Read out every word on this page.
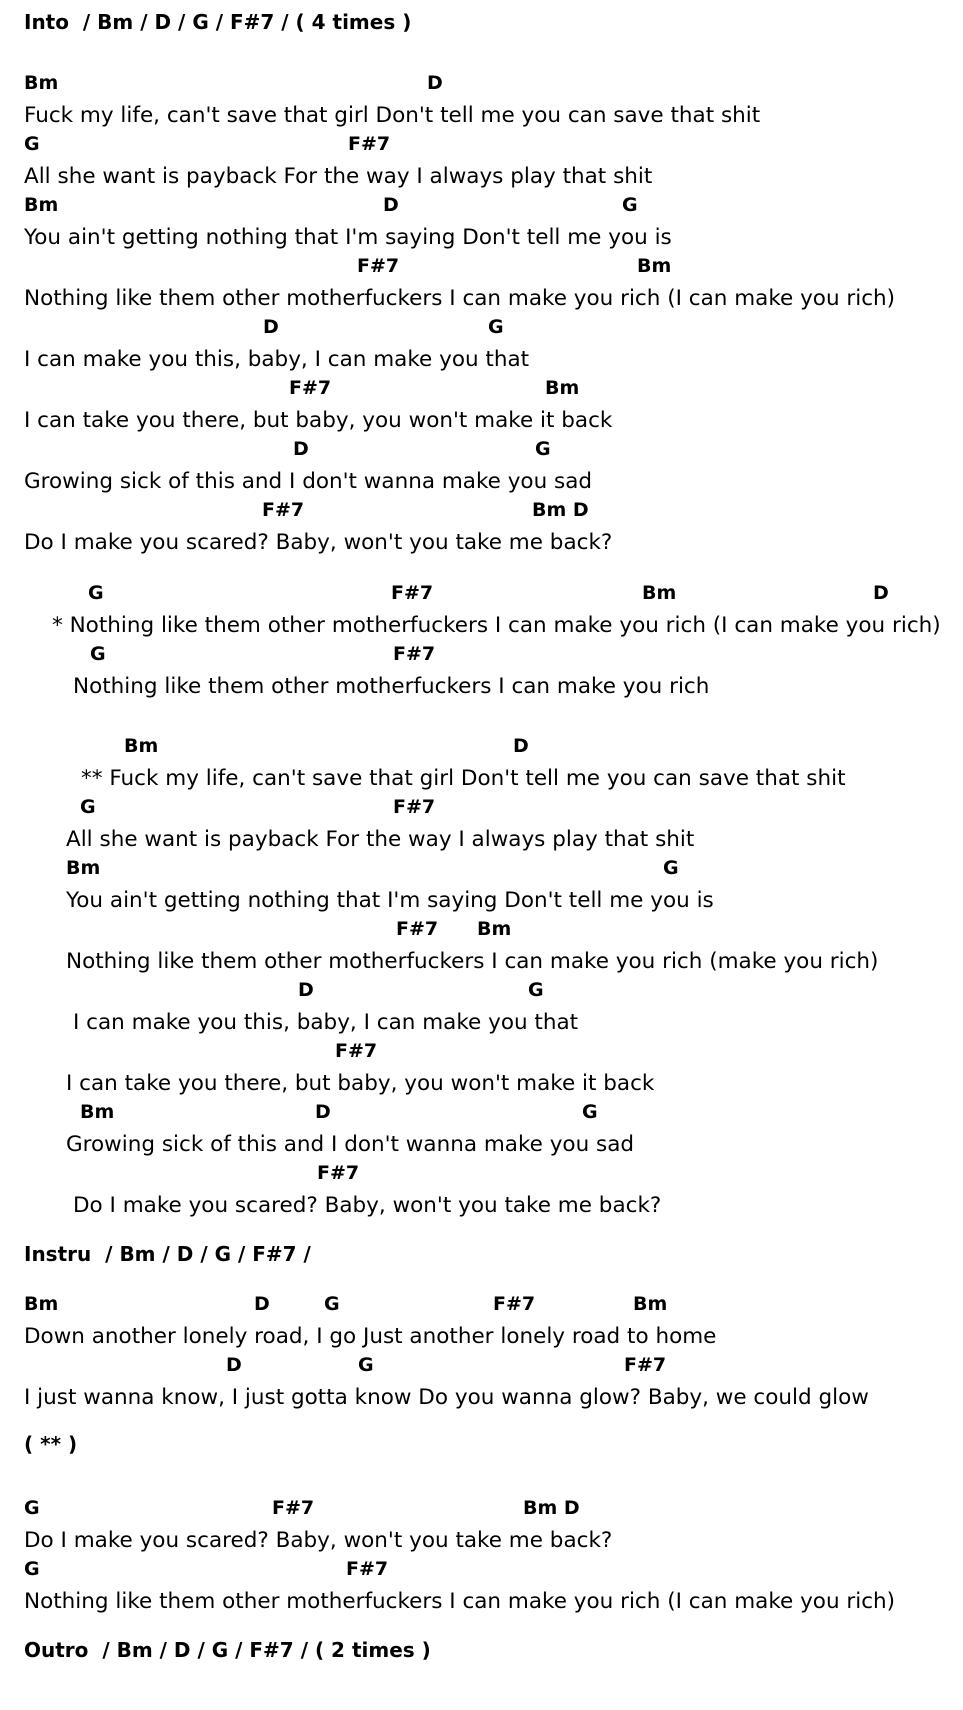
Into  / Bm / D / G / F#7 / ( 4 times )
Bm	D
Fuck my life, can't save that girl Don't tell me you can save that shit
G	F#7
All she want is payback For the way I always play that shit
Bm	D	G
You ain't getting nothing that I'm saying Don't tell me you is
F#7	Bm
Nothing like them other motherfuckers I can make you rich (I can make you rich)
D	G
I can make you this, baby, I can make you that
F#7	Bm
I can take you there, but baby, you won't make it back
D	G
Growing sick of this and I don't wanna make you sad
F#7	Bm D
Do I make you scared? Baby, won't you take me back?
G	F#7	Bm	D
* Nothing like them other motherfuckers I can make you rich (I can make you rich)
G	F#7
Nothing like them other motherfuckers I can make you rich
Bm	D
** Fuck my life, can't save that girl Don't tell me you can save that shit
G	F#7
All she want is payback For the way I always play that shit
Bm	G
You ain't getting nothing that I'm saying Don't tell me you is
F#7 Bm
Nothing like them other motherfuckers I can make you rich (make you rich)
D	G
I can make you this, baby, I can make you that
F#7
I can take you there, but baby, you won't make it back
Bm	D	G
Growing sick of this and I don't wanna make you sad
F#7
Do I make you scared? Baby, won't you take me back?
Instru  / Bm / D / G / F#7 /
Bm	D	G	F#7	Bm
Down another lonely road, I go Just another lonely road to home
D	G	F#7
I just wanna know, I just gotta know Do you wanna glow? Baby, we could glow
( ** )
G	F#7	Bm D
Do I make you scared? Baby, won't you take me back?
G	F#7
Nothing like them other motherfuckers I can make you rich (I can make you rich)
Outro  / Bm / D / G / F#7 / ( 2 times )
